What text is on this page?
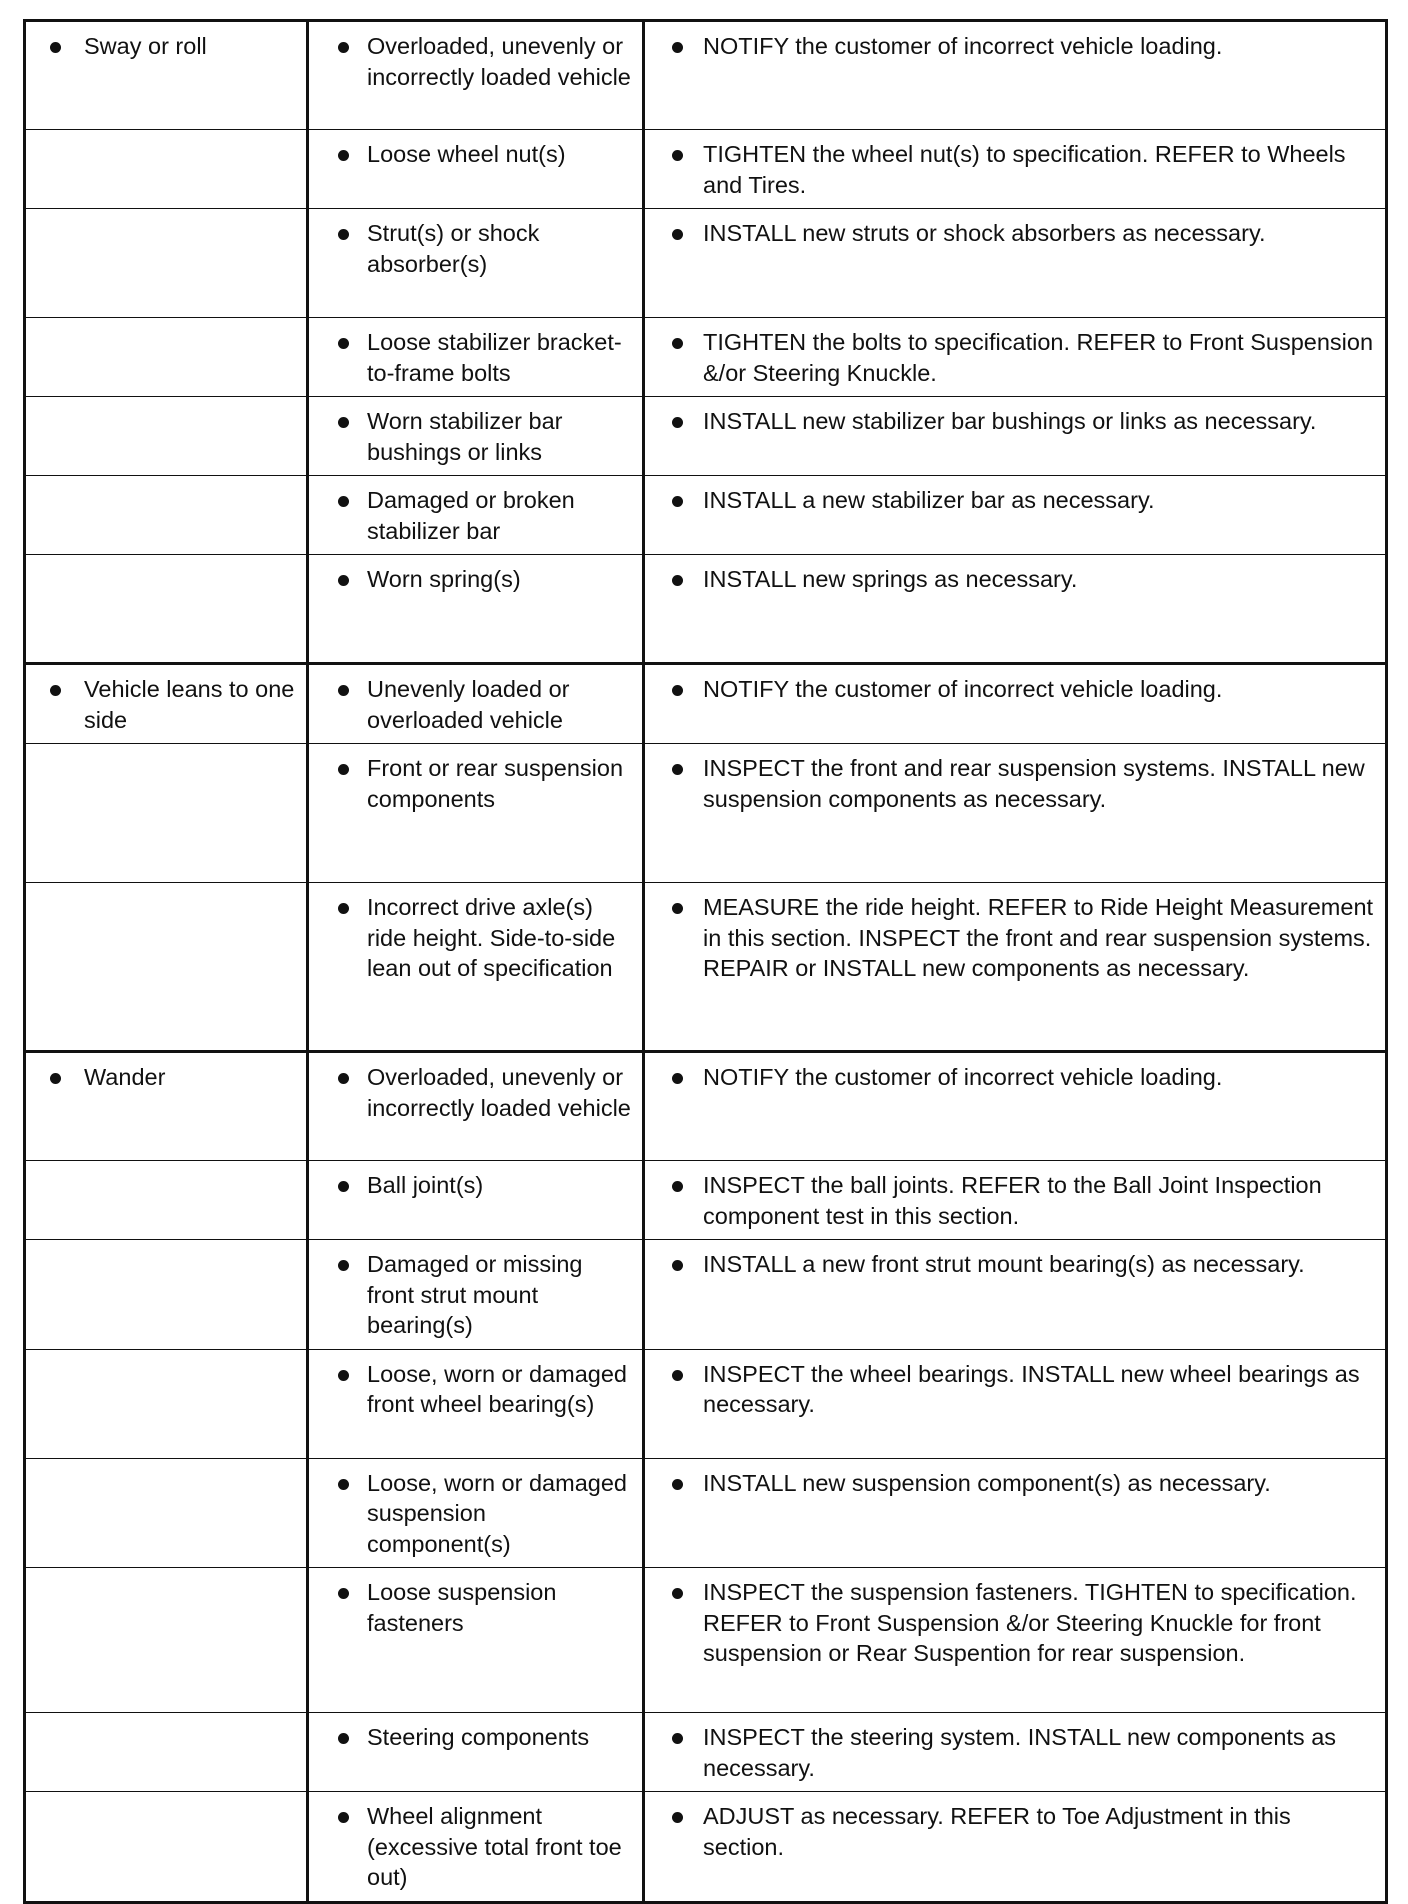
Sway or roll	Overloaded, unevenly or incorrectly loaded vehicle	NOTIFY the customer of incorrect vehicle loading.

	Loose wheel nut(s)	TIGHTEN the wheel nut(s) to specification. REFER to Wheels and Tires.

	Strut(s) or shock absorber(s)	INSTALL new struts or shock absorbers as necessary.

	Loose stabilizer bracket-to-frame bolts	TIGHTEN the bolts to specification. REFER to Front Suspension &/or Steering Knuckle.

	Worn stabilizer bar bushings or links	INSTALL new stabilizer bar bushings or links as necessary.

	Damaged or broken stabilizer bar	INSTALL a new stabilizer bar as necessary.

	Worn spring(s)	INSTALL new springs as necessary.

Vehicle leans to one side	Unevenly loaded or overloaded vehicle	NOTIFY the customer of incorrect vehicle loading.

	Front or rear suspension components	INSPECT the front and rear suspension systems. INSTALL new suspension components as necessary.

	Incorrect drive axle(s) ride height. Side-to-side lean out of specification	MEASURE the ride height. REFER to Ride Height Measurement in this section. INSPECT the front and rear suspension systems. REPAIR or INSTALL new components as necessary.

Wander	Overloaded, unevenly or incorrectly loaded vehicle	NOTIFY the customer of incorrect vehicle loading.

	Ball joint(s)	INSPECT the ball joints. REFER to the Ball Joint Inspection component test in this section.

	Damaged or missing front strut mount bearing(s)	INSTALL a new front strut mount bearing(s) as necessary.

	Loose, worn or damaged front wheel bearing(s)	INSPECT the wheel bearings. INSTALL new wheel bearings as necessary.

	Loose, worn or damaged suspension component(s)	INSTALL new suspension component(s) as necessary.

	Loose suspension fasteners	INSPECT the suspension fasteners. TIGHTEN to specification. REFER to Front Suspension &/or Steering Knuckle for front suspension or Rear Suspention for rear suspension.

	Steering components	INSPECT the steering system. INSTALL new components as necessary.

	Wheel alignment (excessive total front toe out)	ADJUST as necessary. REFER to Toe Adjustment in this section.
